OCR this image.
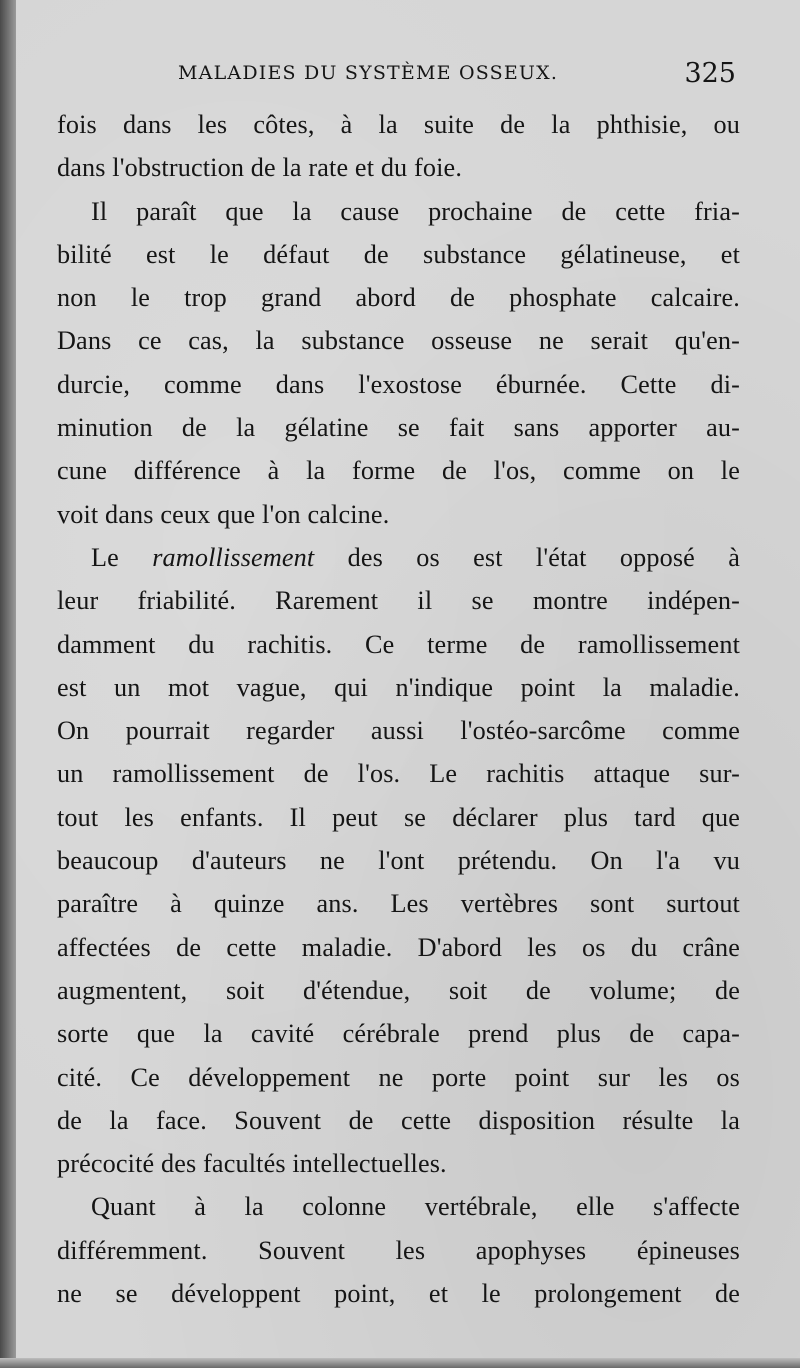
MALADIES DU SYSTÈME OSSEUX.	325
fois dans les côtes, à la suite de la phthisie, ou
dans l'obstruction de la rate et du foie.
Il paraît que la cause prochaine de cette fria-
bilité est le défaut de substance gélatineuse, et
non le trop grand abord de phosphate calcaire.
Dans ce cas, la substance osseuse ne serait qu'en-
durcie, comme dans l'exostose éburnée. Cette di-
minution de la gélatine se fait sans apporter au-
cune différence à la forme de l'os, comme on le
voit dans ceux que l'on calcine.
Le ramollissement des os est l'état opposé à
leur friabilité. Rarement il se montre indépen-
damment du rachitis. Ce terme de ramollissement
est un mot vague, qui n'indique point la maladie.
On pourrait regarder aussi l'ostéo-sarcôme comme
un ramollissement de l'os. Le rachitis attaque sur-
tout les enfants. Il peut se déclarer plus tard que
beaucoup d'auteurs ne l'ont prétendu. On l'a vu
paraître à quinze ans. Les vertèbres sont surtout
affectées de cette maladie. D'abord les os du crâne
augmentent, soit d'étendue, soit de volume; de
sorte que la cavité cérébrale prend plus de capa-
cité. Ce développement ne porte point sur les os
de la face. Souvent de cette disposition résulte la
précocité des facultés intellectuelles.
Quant à la colonne vertébrale, elle s'affecte
différemment. Souvent les apophyses épineuses
ne se développent point, et le prolongement de
